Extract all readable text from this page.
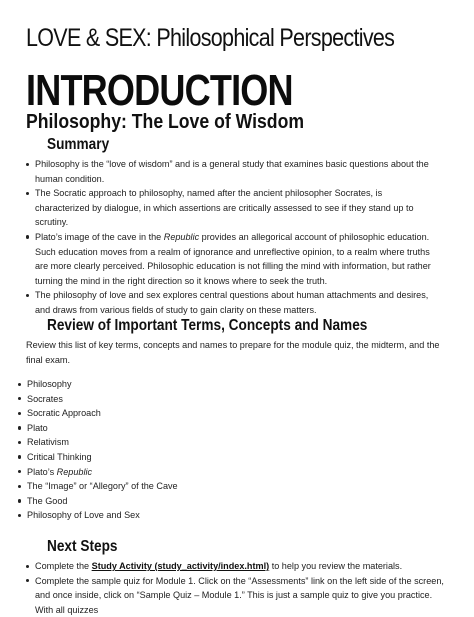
LOVE & SEX: Philosophical Perspectives
INTRODUCTION
Philosophy: The Love of Wisdom
Summary
Philosophy is the “love of wisdom” and is a general study that examines basic questions about the human condition.
The Socratic approach to philosophy, named after the ancient philosopher Socrates, is characterized by dialogue, in which assertions are critically assessed to see if they stand up to scrutiny.
Plato’s image of the cave in the Republic provides an allegorical account of philosophic education. Such education moves from a realm of ignorance and unreflective opinion, to a realm where truths are more clearly perceived. Philosophic education is not filling the mind with information, but rather turning the mind in the right direction so it knows where to seek the truth.
The philosophy of love and sex explores central questions about human attachments and desires, and draws from various fields of study to gain clarity on these matters.
Review of Important Terms, Concepts and Names
Review this list of key terms, concepts and names to prepare for the module quiz, the midterm, and the final exam.
Philosophy
Socrates
Socratic Approach
Plato
Relativism
Critical Thinking
Plato’s Republic
The “Image” or “Allegory” of the Cave
The Good
Philosophy of Love and Sex
Next Steps
Complete the Study Activity (study_activity/index.html) to help you review the materials.
Complete the sample quiz for Module 1. Click on the “Assessments” link on the left side of the screen, and once inside, click on “Sample Quiz – Module 1.” This is just a sample quiz to give you practice. With all quizzes
